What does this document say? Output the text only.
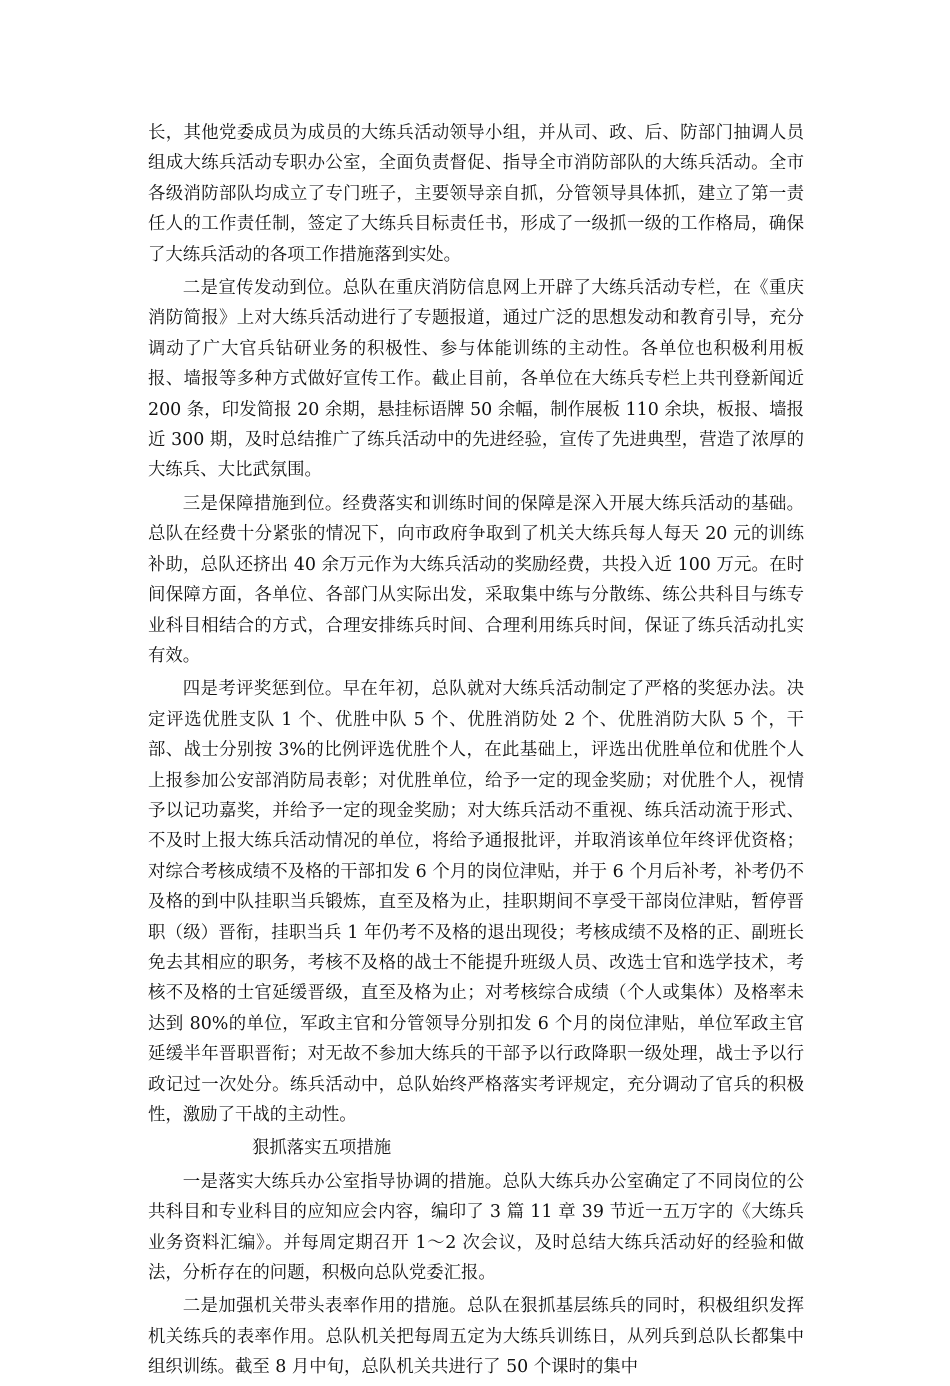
长，其他党委成员为成员的大练兵活动领导小组，并从司、政、后、防部门抽调人员组成大练兵活动专职办公室，全面负责督促、指导全市消防部队的大练兵活动。全市各级消防部队均成立了专门班子，主要领导亲自抓，分管领导具体抓，建立了第一责任人的工作责任制，签定了大练兵目标责任书，形成了一级抓一级的工作格局，确保了大练兵活动的各项工作措施落到实处。

二是宣传发动到位。总队在重庆消防信息网上开辟了大练兵活动专栏，在《重庆消防简报》上对大练兵活动进行了专题报道，通过广泛的思想发动和教育引导，充分调动了广大官兵钻研业务的积极性、参与体能训练的主动性。各单位也积极利用板报、墙报等多种方式做好宣传工作。截止目前，各单位在大练兵专栏上共刊登新闻近 200 条，印发简报 20 余期，悬挂标语牌 50 余幅，制作展板 110 余块，板报、墙报近 300 期，及时总结推广了练兵活动中的先进经验，宣传了先进典型，营造了浓厚的大练兵、大比武氛围。

三是保障措施到位。经费落实和训练时间的保障是深入开展大练兵活动的基础。总队在经费十分紧张的情况下，向市政府争取到了机关大练兵每人每天 20 元的训练补助，总队还挤出 40 余万元作为大练兵活动的奖励经费，共投入近 100 万元。在时间保障方面，各单位、各部门从实际出发，采取集中练与分散练、练公共科目与练专业科目相结合的方式，合理安排练兵时间、合理利用练兵时间，保证了练兵活动扎实有效。

四是考评奖惩到位。早在年初，总队就对大练兵活动制定了严格的奖惩办法。决定评选优胜支队 1 个、优胜中队 5 个、优胜消防处 2 个、优胜消防大队 5 个，干部、战士分别按 3%的比例评选优胜个人，在此基础上，评选出优胜单位和优胜个人上报参加公安部消防局表彰；对优胜单位，给予一定的现金奖励；对优胜个人，视情予以记功嘉奖，并给予一定的现金奖励；对大练兵活动不重视、练兵活动流于形式、不及时上报大练兵活动情况的单位，将给予通报批评，并取消该单位年终评优资格；对综合考核成绩不及格的干部扣发 6 个月的岗位津贴，并于 6 个月后补考，补考仍不及格的到中队挂职当兵锻炼，直至及格为止，挂职期间不享受干部岗位津贴，暂停晋职（级）晋衔，挂职当兵 1 年仍考不及格的退出现役；考核成绩不及格的正、副班长免去其相应的职务，考核不及格的战士不能提升班级人员、改选士官和选学技术，考核不及格的士官延缓晋级，直至及格为止；对考核综合成绩（个人或集体）及格率未达到 80%的单位，军政主官和分管领导分别扣发 6 个月的岗位津贴，单位军政主官延缓半年晋职晋衔；对无故不参加大练兵的干部予以行政降职一级处理，战士予以行政记过一次处分。练兵活动中，总队始终严格落实考评规定，充分调动了官兵的积极性，激励了干战的主动性。

狠抓落实五项措施

一是落实大练兵办公室指导协调的措施。总队大练兵办公室确定了不同岗位的公共科目和专业科目的应知应会内容，编印了 3 篇 11 章 39 节近一五万字的《大练兵业务资料汇编》。并每周定期召开 1～2 次会议，及时总结大练兵活动好的经验和做法，分析存在的问题，积极向总队党委汇报。

二是加强机关带头表率作用的措施。总队在狠抓基层练兵的同时，积极组织发挥机关练兵的表率作用。总队机关把每周五定为大练兵训练日，从列兵到总队长都集中组织训练。截至 8 月中旬，总队机关共进行了 50 个课时的集中
